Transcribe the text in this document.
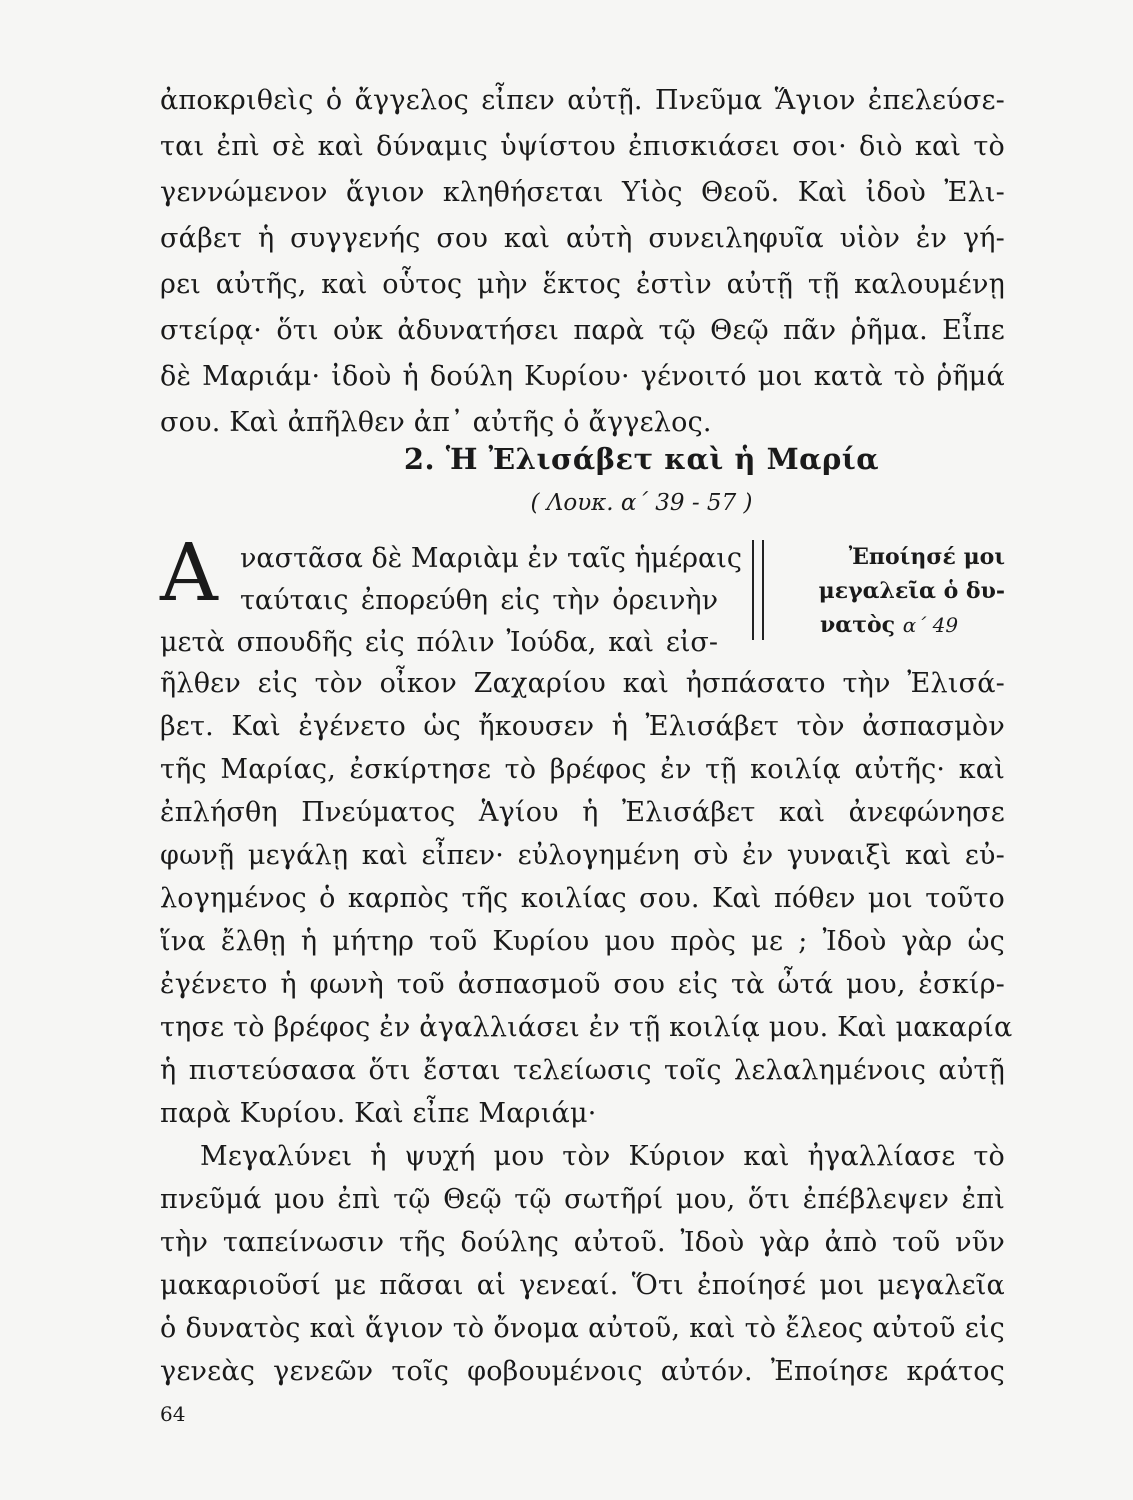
ἀποκριθεὶς ὁ ἄγγελος εἶπεν αὐτῇ. Πνεῦμα Ἅγιον ἐπελεύσε-
ται ἐπὶ σὲ καὶ δύναμις ὑψίστου ἐπισκιάσει σοι· διὸ καὶ τὸ
γεννώμενον ἅγιον κληθήσεται Υἱὸς Θεοῦ. Καὶ ἰδοὺ Ἐλι-
σάβετ ἡ συγγενής σου καὶ αὐτὴ συνειληφυῖα υἱὸν ἐν γή-
ρει αὐτῆς, καὶ οὗτος μὴν ἕκτος ἐστὶν αὐτῇ τῇ καλουμένῃ
στείρᾳ· ὅτι οὐκ ἀδυνατήσει παρὰ τῷ Θεῷ πᾶν ῥῆμα. Εἶπε
δὲ Μαριάμ· ἰδοὺ ἡ δούλη Κυρίου· γένοιτό μοι κατὰ τὸ ῥῆμά
σου. Καὶ ἀπῆλθεν ἀπ᾿ αὐτῆς ὁ ἄγγελος.
2. Ἡ Ἐλισάβετ καὶ ἡ Μαρία
( Λουκ. α΄ 39 - 57 )
Α ναστᾶσα δὲ Μαριὰμ ἐν ταῖς ἡμέραις
ταύταις ἐπορεύθη εἰς τὴν ὀρεινὴν
μετὰ σπουδῆς εἰς πόλιν Ἰούδα, καὶ εἰσ-
Ἐποίησέ μοι
μεγαλεῖα ὁ δυ-
νατὸς α΄ 49
ῆλθεν εἰς τὸν οἶκον Ζαχαρίου καὶ ἠσπάσατο τὴν Ἐλισά-
βετ. Καὶ ἐγένετο ὡς ἤκουσεν ἡ Ἐλισάβετ τὸν ἀσπασμὸν
τῆς Μαρίας, ἐσκίρτησε τὸ βρέφος ἐν τῇ κοιλίᾳ αὐτῆς· καὶ
ἐπλήσθη Πνεύματος Ἁγίου ἡ Ἐλισάβετ καὶ ἀνεφώνησε
φωνῇ μεγάλῃ καὶ εἶπεν· εὐλογημένη σὺ ἐν γυναιξὶ καὶ εὐ-
λογημένος ὁ καρπὸς τῆς κοιλίας σου. Καὶ πόθεν μοι τοῦτο
ἵνα ἔλθῃ ἡ μήτηρ τοῦ Κυρίου μου πρὸς με ; Ἰδοὺ γὰρ ὡς
ἐγένετο ἡ φωνὴ τοῦ ἀσπασμοῦ σου εἰς τὰ ὦτά μου, ἐσκίρ-
τησε τὸ βρέφος ἐν ἀγαλλιάσει ἐν τῇ κοιλίᾳ μου. Καὶ μακαρία
ἡ πιστεύσασα ὅτι ἔσται τελείωσις τοῖς λελαλημένοις αὐτῇ
παρὰ Κυρίου. Καὶ εἶπε Μαριάμ·
Μεγαλύνει ἡ ψυχή μου τὸν Κύριον καὶ ἠγαλλίασε τὸ
πνεῦμά μου ἐπὶ τῷ Θεῷ τῷ σωτῆρί μου, ὅτι ἐπέβλεψεν ἐπὶ
τὴν ταπείνωσιν τῆς δούλης αὐτοῦ. Ἰδοὺ γὰρ ἀπὸ τοῦ νῦν
μακαριοῦσί με πᾶσαι αἱ γενεαί. Ὅτι ἐποίησέ μοι μεγαλεῖα
ὁ δυνατὸς καὶ ἅγιον τὸ ὄνομα αὐτοῦ, καὶ τὸ ἔλεος αὐτοῦ εἰς
γενεὰς γενεῶν τοῖς φοβουμένοις αὐτόν. Ἐποίησε κράτος
64
